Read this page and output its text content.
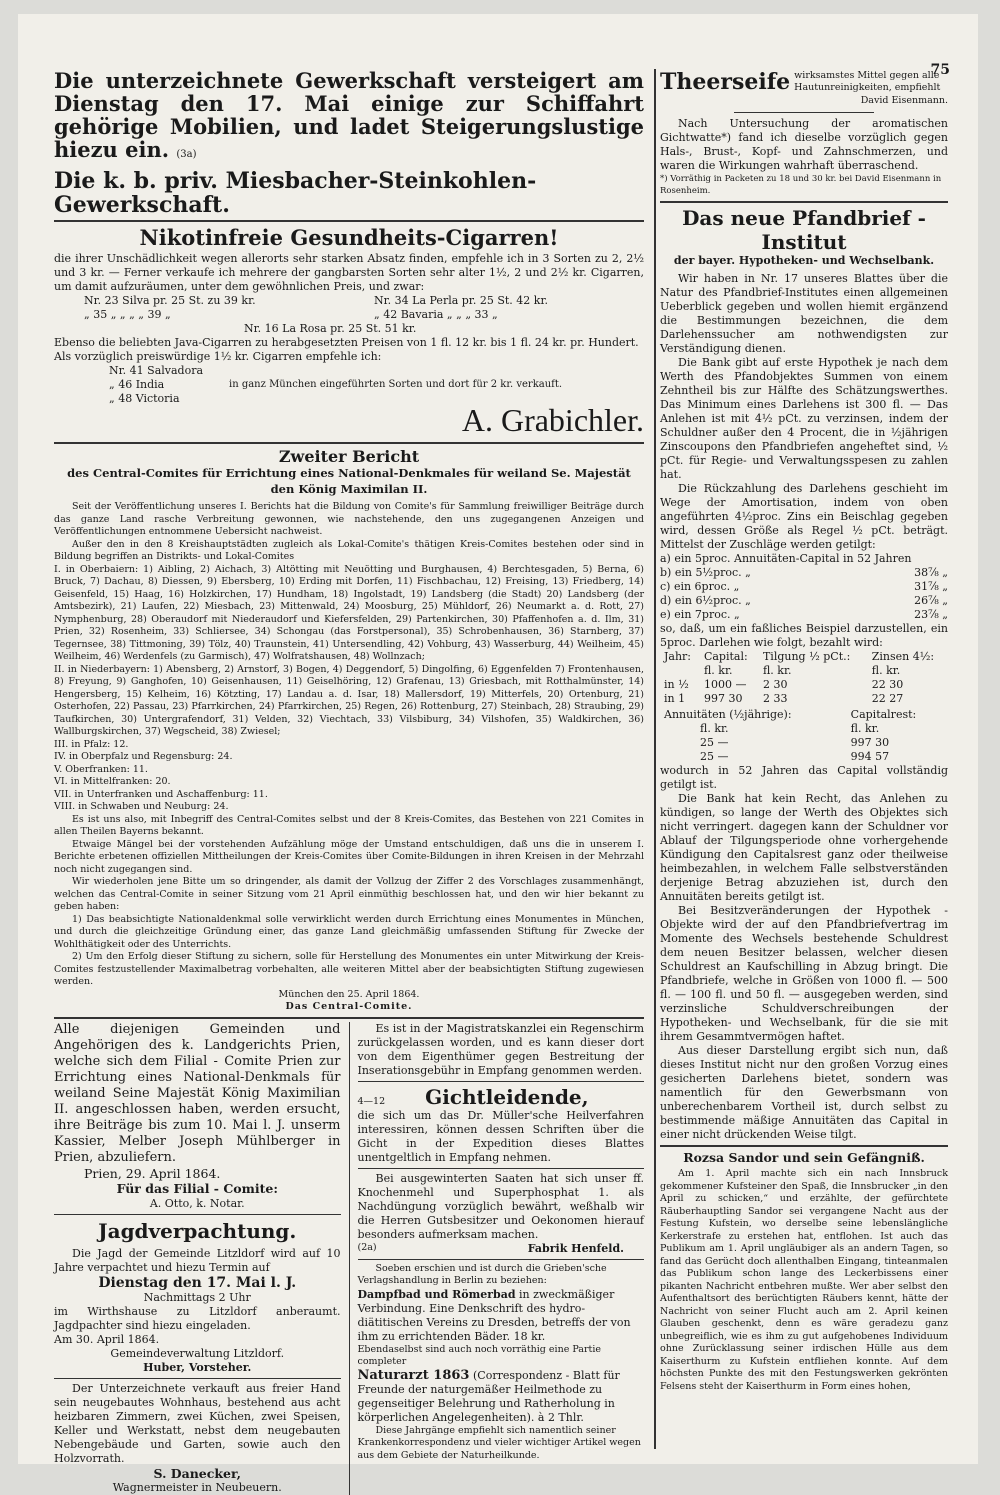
75

Die unterzeichnete Gewerkschaft versteigert am Dienstag den 17. Mai einige zur Schiffahrt gehörige Mobilien, und ladet Steigerungslustige hiezu ein. (3a)

Die k. b. priv. Miesbacher-Steinkohlen-Gewerkschaft.

Nikotinfreie Gesundheits-Cigarren!

die ihrer Unschädlichkeit wegen allerorts sehr starken Absatz finden, empfehle ich in 3 Sorten zu 2, 2½ und 3 kr. — Ferner verkaufe ich mehrere der gangbarsten Sorten sehr alter 1½, 2 und 2½ kr. Cigarren, um damit aufzuräumen, unter dem gewöhnlichen Preis, und zwar:

Nr. 23 Silva pr. 25 St. zu 39 kr.	Nr. 34 La Perla pr. 25 St. 42 kr.
„ 35 „ „ „ „ 39 „	„ 42 Bavaria „ „ „ 33 „

Nr. 16 La Rosa pr. 25 St. 51 kr.

Ebenso die beliebten Java-Cigarren zu herabgesetzten Preisen von 1 fl. 12 kr. bis 1 fl. 24 kr. pr. Hundert.

Als vorzüglich preiswürdige 1½ kr. Cigarren empfehle ich:

Nr. 41 Salvadora

„ 46 India

„ 48 Victoria

in ganz München eingeführten Sorten und dort für 2 kr. verkauft.

A. Grabichler.

Zweiter Bericht

des Central-Comites für Errichtung eines National-Denkmales für weiland Se. Majestät den König Maximilan II.

Seit der Veröffentlichung unseres I. Berichts hat die Bildung von Comite's für Sammlung freiwilliger Beiträge durch das ganze Land rasche Verbreitung gewonnen, wie nachstehende, den uns zugegangenen Anzeigen und Veröffentlichungen entnommene Uebersicht nachweist.

Außer den in den 8 Kreishauptstädten zugleich als Lokal-Comite's thätigen Kreis-Comites bestehen oder sind in Bildung begriffen an Distrikts- und Lokal-Comites

I. in Oberbaiern: 1) Aibling, 2) Aichach, 3) Altötting mit Neuötting und Burghausen, 4) Berchtesgaden, 5) Berna, 6) Bruck, 7) Dachau, 8) Diessen, 9) Ebersberg, 10) Erding mit Dorfen, 11) Fischbachau, 12) Freising, 13) Friedberg, 14) Geisenfeld, 15) Haag, 16) Holzkirchen, 17) Hundham, 18) Ingolstadt, 19) Landsberg (die Stadt) 20) Landsberg (der Amtsbezirk), 21) Laufen, 22) Miesbach, 23) Mittenwald, 24) Moosburg, 25) Mühldorf, 26) Neumarkt a. d. Rott, 27) Nymphenburg, 28) Oberaudorf mit Niederaudorf und Kiefersfelden, 29) Partenkirchen, 30) Pfaffenhofen a. d. Ilm, 31) Prien, 32) Rosenheim, 33) Schliersee, 34) Schongau (das Forstpersonal), 35) Schrobenhausen, 36) Starnberg, 37) Tegernsee, 38) Tittmoning, 39) Tölz, 40) Traunstein, 41) Untersendling, 42) Vohburg, 43) Wasserburg, 44) Weilheim, 45) Weilheim, 46) Werdenfels (zu Garmisch), 47) Wolfratshausen, 48) Wollnzach;

II. in Niederbayern: 1) Abensberg, 2) Arnstorf, 3) Bogen, 4) Deggendorf, 5) Dingolfing, 6) Eggenfelden 7) Frontenhausen, 8) Freyung, 9) Ganghofen, 10) Geisenhausen, 11) Geiselhöring, 12) Grafenau, 13) Griesbach, mit Rotthalmünster, 14) Hengersberg, 15) Kelheim, 16) Kötzting, 17) Landau a. d. Isar, 18) Mallersdorf, 19) Mitterfels, 20) Ortenburg, 21) Osterhofen, 22) Passau, 23) Pfarrkirchen, 24) Pfarrkirchen, 25) Regen, 26) Rottenburg, 27) Steinbach, 28) Straubing, 29) Taufkirchen, 30) Untergrafendorf, 31) Velden, 32) Viechtach, 33) Vilsbiburg, 34) Vilshofen, 35) Waldkirchen, 36) Wallburgskirchen, 37) Wegscheid, 38) Zwiesel;

III. in Pfalz: 12.

IV. in Oberpfalz und Regensburg: 24.

V. Oberfranken: 11.

VI. in Mittelfranken: 20.

VII. in Unterfranken und Aschaffenburg: 11.

VIII. in Schwaben und Neuburg: 24.

Es ist uns also, mit Inbegriff des Central-Comites selbst und der 8 Kreis-Comites, das Bestehen von 221 Comites in allen Theilen Bayerns bekannt.

Etwaige Mängel bei der vorstehenden Aufzählung möge der Umstand entschuldigen, daß uns die in unserem I. Berichte erbetenen offiziellen Mittheilungen der Kreis-Comites über Comite-Bildungen in ihren Kreisen in der Mehrzahl noch nicht zugegangen sind.

Wir wiederholen jene Bitte um so dringender, als damit der Vollzug der Ziffer 2 des Vorschlages zusammenhängt, welchen das Central-Comite in seiner Sitzung vom 21 April einmüthig beschlossen hat, und den wir hier bekannt zu geben haben:

1) Das beabsichtigte Nationaldenkmal solle verwirklicht werden durch Errichtung eines Monumentes in München, und durch die gleichzeitige Gründung einer, das ganze Land gleichmäßig umfassenden Stiftung für Zwecke der Wohlthätigkeit oder des Unterrichts.

2) Um den Erfolg dieser Stiftung zu sichern, solle für Herstellung des Monumentes ein unter Mitwirkung der Kreis-Comites festzustellender Maximalbetrag vorbehalten, alle weiteren Mittel aber der beabsichtigten Stiftung zugewiesen werden.

München den 25. April 1864.

Das Central-Comite.

Alle diejenigen Gemeinden und Angehörigen des k. Landgerichts Prien, welche sich dem Filial - Comite Prien zur Errichtung eines National-Denkmals für weiland Seine Majestät König Maximilian II. angeschlossen haben, werden ersucht, ihre Beiträge bis zum 10. Mai l. J. unserm Kassier, Melber Joseph Mühlberger in Prien, abzuliefern.

Prien, 29. April 1864.

Für das Filial - Comite:

A. Otto, k. Notar.

Jagdverpachtung.

Die Jagd der Gemeinde Litzldorf wird auf 10 Jahre verpachtet und hiezu Termin auf

Dienstag den 17. Mai l. J.

Nachmittags 2 Uhr

im Wirthshause zu Litzldorf anberaumt. Jagdpachter sind hiezu eingeladen.

Am 30. April 1864.

Gemeindeverwaltung Litzldorf.

Huber, Vorsteher.

Der Unterzeichnete verkauft aus freier Hand sein neugebautes Wohnhaus, bestehend aus acht heizbaren Zimmern, zwei Küchen, zwei Speisen, Keller und Werkstatt, nebst dem neugebauten Nebengebäude und Garten, sowie auch den Holzvorrath.

S. Danecker,

Wagnermeister in Neubeuern.

Es ist in der Magistratskanzlei ein Regenschirm zurückgelassen worden, und es kann dieser dort von dem Eigenthümer gegen Bestreitung der Inserationsgebühr in Empfang genommen werden.

4—12 Gichtleidende,

die sich um das Dr. Müller'sche Heilverfahren interessiren, können dessen Schriften über die Gicht in der Expedition dieses Blattes unentgeltlich in Empfang nehmen.

Bei ausgewinterten Saaten hat sich unser ff. Knochenmehl und Superphosphat 1. als Nachdüngung vorzüglich bewährt, weßhalb wir die Herren Gutsbesitzer und Oekonomen hierauf besonders aufmerksam machen.

(2a)	Fabrik Henfeld.

Soeben erschien und ist durch die Grieben'sche Verlagshandlung in Berlin zu beziehen:

Dampfbad und Römerbad in zweckmäßiger Verbindung. Eine Denkschrift des hydro-diätitischen Vereins zu Dresden, betreffs der von ihm zu errichtenden Bäder. 18 kr.

Ebendaselbst sind auch noch vorräthig eine Partie completer

Naturarzt 1863 (Correspondenz - Blatt für Freunde der naturgemäßer Heilmethode zu gegenseitiger Belehrung und Ratherholung in körperlichen Angelegenheiten). à 2 Thlr.

Diese Jahrgänge empfiehlt sich namentlich seiner Krankenkorrespondenz und vieler wichtiger Artikel wegen aus dem Gebiete der Naturheilkunde.

Theerseife wirksamstes Mittel gegen alle Hautunreinigkeiten, empfiehlt

David Eisenmann.

Nach Untersuchung der aromatischen Gichtwatte*) fand ich dieselbe vorzüglich gegen Hals-, Brust-, Kopf- und Zahnschmerzen, und waren die Wirkungen wahrhaft überraschend.

*) Vorräthig in Packeten zu 18 und 30 kr. bei David Eisenmann in Rosenheim.

Das neue Pfandbrief - Institut

der bayer. Hypotheken- und Wechselbank.

Wir haben in Nr. 17 unseres Blattes über die Natur des Pfandbrief-Institutes einen allgemeinen Ueberblick gegeben und wollen hiemit ergänzend die Bestimmungen bezeichnen, die dem Darlehenssucher am nothwendigsten zur Verständigung dienen.

Die Bank gibt auf erste Hypothek je nach dem Werth des Pfandobjektes Summen von einem Zehntheil bis zur Hälfte des Schätzungswerthes. Das Minimum eines Darlehens ist 300 fl. — Das Anlehen ist mit 4½ pCt. zu verzinsen, indem der Schuldner außer den 4 Procent, die in ½jährigen Zinscoupons den Pfandbriefen angeheftet sind, ½ pCt. für Regie- und Verwaltungsspesen zu zahlen hat.

Die Rückzahlung des Darlehens geschieht im Wege der Amortisation, indem von oben angeführten 4½proc. Zins ein Beischlag gegeben wird, dessen Größe als Regel ½ pCt. beträgt. Mittelst der Zuschläge werden getilgt:

a) ein 5proc. Annuitäten-Capital in 52 Jahren
b) ein 5½proc. „	38⅞ „
c) ein 6proc. „	31⅞ „
d) ein 6½proc. „	26⅞ „
e) ein 7proc. „	23⅞ „

so, daß, um ein faßliches Beispiel darzustellen, ein 5proc. Darlehen wie folgt, bezahlt wird:

Jahr:	Capital:	Tilgung ½ pCt.:	Zinsen 4½:
	fl. kr.	fl. kr.	fl. kr.
in ½	1000 —	2 30	22 30
in 1	997 30	2 33	22 27
Annuitäten (½jährige):	Capitalrest:
fl. kr.	fl. kr.
25 —	997 30
25 —	994 57

wodurch in 52 Jahren das Capital vollständig getilgt ist.

Die Bank hat kein Recht, das Anlehen zu kündigen, so lange der Werth des Objektes sich nicht verringert. dagegen kann der Schuldner vor Ablauf der Tilgungsperiode ohne vorhergehende Kündigung den Capitalsrest ganz oder theilweise heimbezahlen, in welchem Falle selbstverständen derjenige Betrag abzuziehen ist, durch den Annuitäten bereits getilgt ist.

Bei Besitzveränderungen der Hypothek - Objekte wird der auf den Pfandbriefvertrag im Momente des Wechsels bestehende Schuldrest dem neuen Besitzer belassen, welcher diesen Schuldrest an Kaufschilling in Abzug bringt. Die Pfandbriefe, welche in Größen von 1000 fl. — 500 fl. — 100 fl. und 50 fl. — ausgegeben werden, sind verzinsliche Schuldverschreibungen der Hypotheken- und Wechselbank, für die sie mit ihrem Gesammtvermögen haftet.

Aus dieser Darstellung ergibt sich nun, daß dieses Institut nicht nur den großen Vorzug eines gesicherten Darlehens bietet, sondern was namentlich für den Gewerbsmann von unberechenbarem Vortheil ist, durch selbst zu bestimmende mäßige Annuitäten das Capital in einer nicht drückenden Weise tilgt.

Rozsa Sandor und sein Gefängniß.

Am 1. April machte sich ein nach Innsbruck gekommener Kufsteiner den Spaß, die Innsbrucker „in den April zu schicken,“ und erzählte, der gefürchtete Räuberhauptling Sandor sei vergangene Nacht aus der Festung Kufstein, wo derselbe seine lebenslängliche Kerkerstrafe zu erstehen hat, entflohen. Ist auch das Publikum am 1. April ungläubiger als an andern Tagen, so fand das Gerücht doch allenthalben Eingang, tinteanmalen das Publikum schon lange des Leckerbissens einer pikanten Nachricht entbehren mußte. Wer aber selbst den Aufenthaltsort des berüchtigten Räubers kennt, hätte der Nachricht von seiner Flucht auch am 2. April keinen Glauben geschenkt, denn es wäre geradezu ganz unbegreiflich, wie es ihm zu gut aufgehobenes Individuum ohne Zurücklassung seiner irdischen Hülle aus dem Kaiserthurm zu Kufstein entfliehen konnte. Auf dem höchsten Punkte des mit den Festungswerken gekrönten Felsens steht der Kaiserthurm in Form eines hohen,
